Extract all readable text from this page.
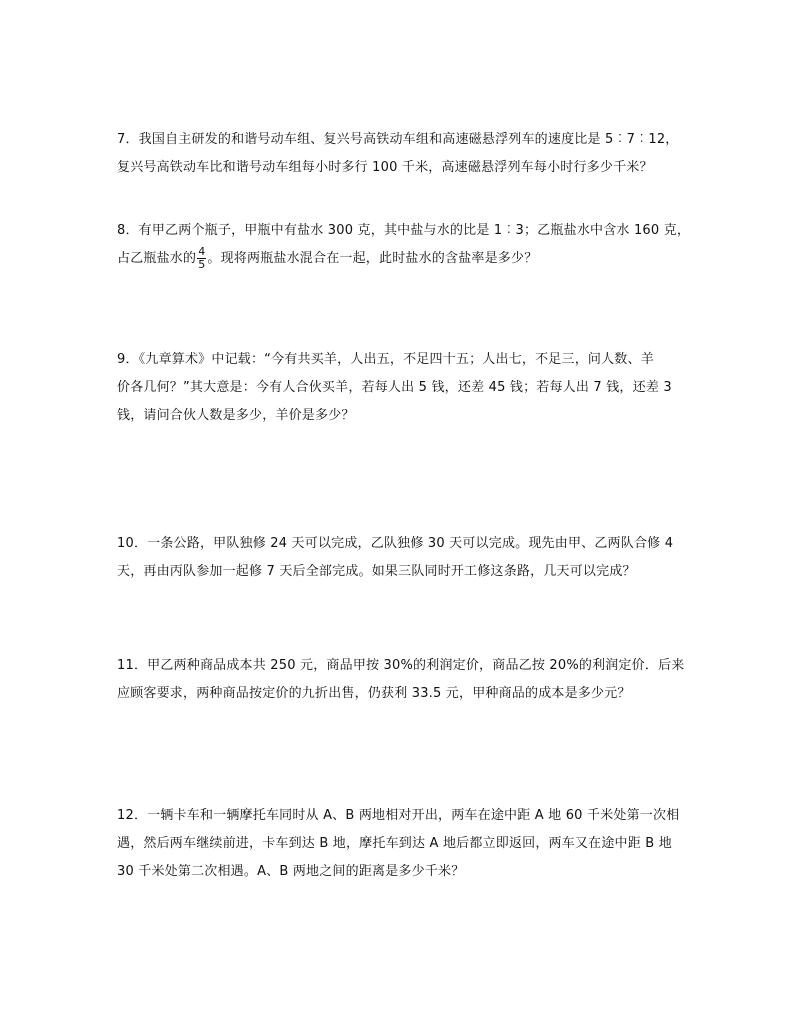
7．我国自主研发的和谐号动车组、复兴号高铁动车组和高速磁悬浮列车的速度比是 5︰7︰12，
复兴号高铁动车比和谐号动车组每小时多行 100 千米，高速磁悬浮列车每小时行多少千米？
8．有甲乙两个瓶子，甲瓶中有盐水 300 克，其中盐与水的比是 1︰3；乙瓶盐水中含水 160 克，
占乙瓶盐水的 $\frac{4}{5}$ 。现将两瓶盐水混合在一起，此时盐水的含盐率是多少？
9．《九章算术》中记载：“今有共买羊，人出五，不足四十五；人出七，不足三，问人数、羊
价各几何？”其大意是：今有人合伙买羊，若每人出 5 钱，还差 45 钱；若每人出 7 钱，还差 3
钱，请问合伙人数是多少，羊价是多少？
10．一条公路，甲队独修 24 天可以完成，乙队独修 30 天可以完成。现先由甲、乙两队合修 4
天，再由丙队参加一起修 7 天后全部完成。如果三队同时开工修这条路，几天可以完成？
11．甲乙两种商品成本共 250 元，商品甲按 30%的利润定价，商品乙按 20%的利润定价．后来
应顾客要求，两种商品按定价的九折出售，仍获利 33.5 元，甲种商品的成本是多少元？
12．一辆卡车和一辆摩托车同时从 A、B 两地相对开出，两车在途中距 A 地 60 千米处第一次相
遇，然后两车继续前进，卡车到达 B 地，摩托车到达 A 地后都立即返回，两车又在途中距 B 地
30 千米处第二次相遇。A、B 两地之间的距离是多少千米？
